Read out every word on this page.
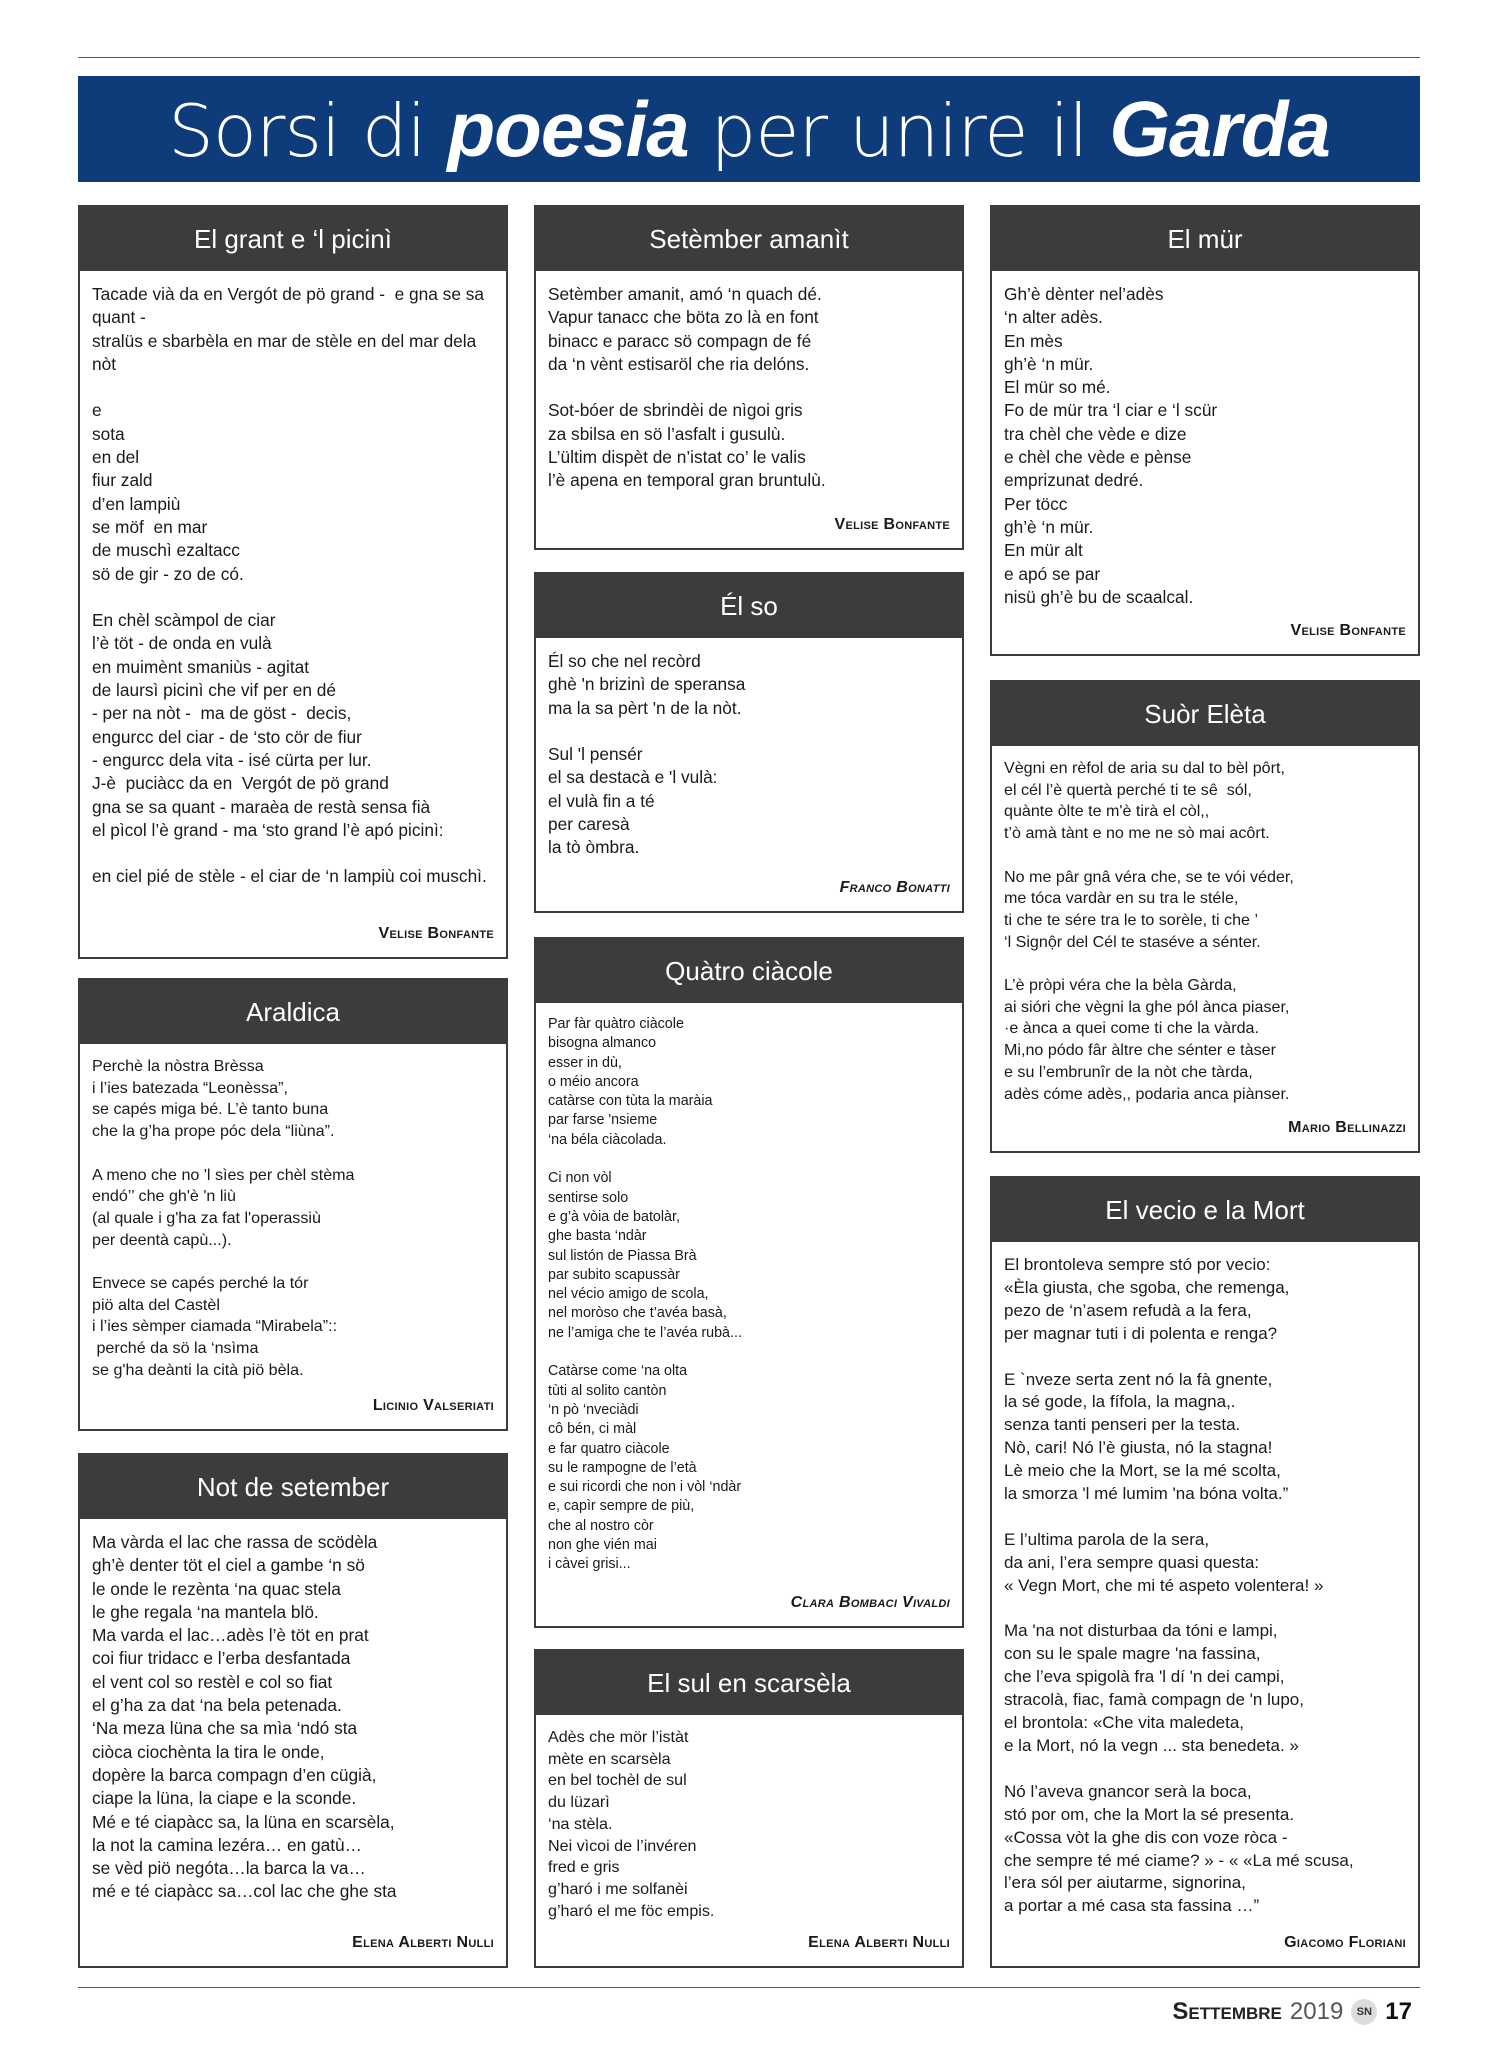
Sorsi di poesia per unire il Garda
El grant e ‘l picinì
Tacade vià da en Vergót de pö grand -  e gna se sa
quant -
stralüs e sbarbèla en mar de stèle en del mar dela
nòt
e
sota
en del
fiur zald
d’en lampiù
se möf  en mar
de muschì ezaltacc
sö de gir - zo de có.
En chèl scàmpol de ciar
l’è töt - de onda en vulà
en muimènt smaniùs - agitat
de laursì picinì che vif per en dé
- per na nòt -  ma de göst -  decis,
engurcc del ciar - de ‘sto cör de fiur
- engurcc dela vita - isé cürta per lur.
J-è  puciàcc da en  Vergót de pö grand
gna se sa quant - maraèa de restà sensa fià
el pìcol l’è grand - ma ‘sto grand l’è apó picinì:
en ciel pié de stèle - el ciar de ‘n lampiù coi muschì.
Velise Bonfante
Araldica
Perchè la nòstra Brèssa
i l’ies batezada “Leonèssa”,
se capés miga bé. L’è tanto buna
che la g’ha prope póc dela “liùna”.
A meno che no 'l sìes per chèl stèma
endó’’ che gh'è 'n liù
(al quale i g'ha za fat l'operassiù
per deentà capù...).
Envece se capés perché la tór
piö alta del Castèl
i l’ies sèmper ciamada “Mirabela”::
perché da sö la ‘nsìma
se g'ha deànti la cità piö bèla.
Licinio Valseriati
Not de setember
Ma vàrda el lac che rassa de scödèla
gh’è denter töt el ciel a gambe ‘n sö
le onde le rezènta ‘na quac stela
le ghe regala ‘na mantela blö.
Ma varda el lac…adès l’è töt en prat
coi fiur tridacc e l’erba desfantada
el vent col so restèl e col so fiat
el g’ha za dat ‘na bela petenada.
‘Na meza lüna che sa mìa ‘ndó sta
ciòca ciochènta la tira le onde,
dopère la barca compagn d’en cügià,
ciape la lüna, la ciape e la sconde.
Mé e té ciapàcc sa, la lüna en scarsèla,
la not la camina lezéra… en gatù…
se vèd piö negóta…la barca la va…
mé e té ciapàcc sa…col lac che ghe sta
Elena Alberti Nulli
Setèmber amanìt
Setèmber amanit, amó ‘n quach dé.
Vapur tanacc che böta zo là en font
binacc e paracc sö compagn de fé
da ‘n vènt estisaröl che ria delóns.
Sot-bóer de sbrindèi de nìgoi gris
za sbilsa en sö l’asfalt i gusulù.
L’ültim dispèt de n’istat co’ le valis
l’è apena en temporal gran bruntulù.
Velise Bonfante
Él so
Él so che nel recòrd
ghè 'n brizinì de speransa
ma la sa pèrt 'n de la nòt.
Sul 'l pensér
el sa destacà e 'l vulà:
el vulà fin a té
per caresà
la tò òmbra.
Franco Bonatti
Quàtro ciàcole
Par fàr quàtro ciàcole
bisogna almanco
esser in dù,
o méio ancora
catàrse con tùta la maràia
par farse 'nsieme
‘na béla ciàcolada.
Ci non vòl
sentirse solo
e g’à vòia de batolàr,
ghe basta ‘ndàr
sul listón de Piassa Brà
par subito scapussàr
nel vécio amigo de scola,
nel moròso che t’avéa basà,
ne l’amiga che te l’avéa rubà...
Catàrse come ‘na olta
tùti al solito cantòn
‘n pò ‘nveciàdi
cô bén, ci màl
e far quatro ciàcole
su le rampogne de l’età
e sui ricordi che non i vòl ‘ndàr
e, capìr sempre de più,
che al nostro còr
non ghe vién mai
i càvei grisi...
Clara Bombaci Vivaldi
El sul en scarsèla
Adès che mör l’istàt
mète en scarsèla
en bel tochèl de sul
du lüzarì
‘na stèla.
Nei vìcoi de l’invéren
fred e gris
g’haró i me solfanèi
g’haró el me föc empis.
Elena Alberti Nulli
El mür
Gh’è dènter nel’adès
‘n alter adès.
En mès
gh’è ‘n mür.
El mür so mé.
Fo de mür tra ‘l ciar e ‘l scür
tra chèl che vède e dize
e chèl che vède e pènse
emprizunat dedré.
Per töcc
gh’è ‘n mür.
En mür alt
e apó se par
nisü gh’è bu de scaalcal.
Velise Bonfante
Suòr Elèta
Vègni en rèfol de aria su dal to bèl pôrt,
el cél l’è quertà perché ti te sê  sól,
quànte òlte te m'è tirà el còl,,
t’ò amà tànt e no me ne sò mai acôrt.
No me pâr gnâ véra che, se te vói véder,
me tóca vardàr en su tra le stéle,
ti che te sére tra le to sorèle, ti che ’
‘l Signộr del Cél te staséve a sénter.
L’è pròpi véra che la bèla Gàrda,
ai sióri che vègni la ghe pól ànca piaser,
·e ànca a quei come ti che la vàrda.
Mi,no pódo fâr àltre che sénter e tàser
e su l’embrunîr de la nòt che tàrda,
adès cóme adès,, podaria anca piànser.
Mario Bellinazzi
El vecio e la Mort
El brontoleva sempre stó por vecio:
«Èla giusta, che sgoba, che remenga,
pezo de ‘n’asem refudà a la fera,
per magnar tuti i di polenta e renga?
E `nveze serta zent nó la fà gnente,
la sé gode, la fífola, la magna,.
senza tanti penseri per la testa.
Nò, cari! Nó l’è giusta, nó la stagna!
Lè meio che la Mort, se la mé scolta,
la smorza 'l mé lumim 'na bóna volta.”
E l’ultima parola de la sera,
da ani, l’era sempre quasi questa:
« Vegn Mort, che mi té aspeto volentera! »
Ma 'na not disturbaa da tóni e lampi,
con su le spale magre 'na fassina,
che l’eva spigolà fra 'l dí 'n dei campi,
stracolà, fiac, famà compagn de 'n lupo,
el brontola: «Che vita maledeta,
e la Mort, nó la vegn ... sta benedeta. »
Nó l’aveva gnancor serà la boca,
stó por om, che la Mort la sé presenta.
«Cossa vòt la ghe dis con voze ròca -
che sempre té mé ciame? » - « «La mé scusa,
l’era sól per aiutarme, signorina,
a portar a mé casa sta fassina …”
Giacomo Floriani
Settembre 2019	SN 17
